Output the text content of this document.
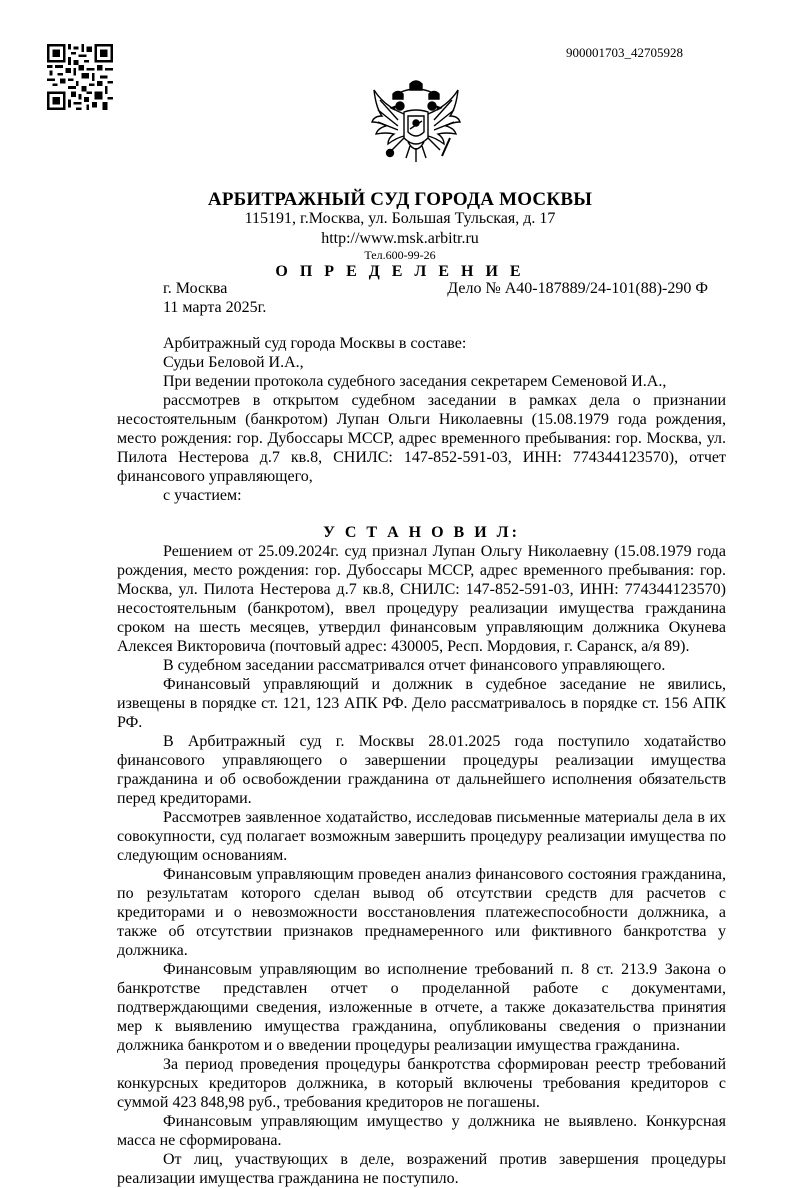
900001703_42705928
АРБИТРАЖНЫЙ СУД ГОРОДА МОСКВЫ
115191, г.Москва, ул. Большая Тульская, д. 17
http://www.msk.arbitr.ru
Тел.600-99-26
О П Р Е Д Е Л Е Н И Е
г. Москва	Дело № А40-187889/24-101(88)-290 Ф
11 марта 2025г.

Арбитражный суд города Москвы в составе:

Судьи Беловой И.А.,

При ведении протокола судебного заседания секретарем Семеновой И.А.,

рассмотрев в открытом судебном заседании в рамках дела о признании несостоятельным (банкротом) Лупан Ольги Николаевны (15.08.1979 года рождения, место рождения: гор. Дубоссары МССР, адрес временного пребывания: гор. Москва, ул. Пилота Нестерова д.7 кв.8, СНИЛС: 147-852-591-03, ИНН: 774344123570), отчет финансового управляющего,

с участием:

У С Т А Н О В И Л:

Решением от 25.09.2024г. суд признал Лупан Ольгу Николаевну (15.08.1979 года рождения, место рождения: гор. Дубоссары МССР, адрес временного пребывания: гор. Москва, ул. Пилота Нестерова д.7 кв.8, СНИЛС: 147-852-591-03, ИНН: 774344123570) несостоятельным (банкротом), ввел процедуру реализации имущества гражданина сроком на шесть месяцев, утвердил финансовым управляющим должника Окунева Алексея Викторовича (почтовый адрес: 430005, Респ. Мордовия, г. Саранск, а/я 89).

В судебном заседании рассматривался отчет финансового управляющего.

Финансовый управляющий и должник в судебное заседание не явились, извещены в порядке ст. 121, 123 АПК РФ. Дело рассматривалось в порядке ст. 156 АПК РФ.

В Арбитражный суд г. Москвы 28.01.2025 года поступило ходатайство финансового управляющего о завершении процедуры реализации имущества гражданина и об освобождении гражданина от дальнейшего исполнения обязательств перед кредиторами.

Рассмотрев заявленное ходатайство, исследовав письменные материалы дела в их совокупности, суд полагает возможным завершить процедуру реализации имущества по следующим основаниям.

Финансовым управляющим проведен анализ финансового состояния гражданина, по результатам которого сделан вывод об отсутствии средств для расчетов с кредиторами и о невозможности восстановления платежеспособности должника, а также об отсутствии признаков преднамеренного или фиктивного банкротства у должника.

Финансовым управляющим во исполнение требований п. 8 ст. 213.9 Закона о банкротстве представлен отчет о проделанной работе с документами, подтверждающими сведения, изложенные в отчете, а также доказательства принятия мер к выявлению имущества гражданина, опубликованы сведения о признании должника банкротом и о введении процедуры реализации имущества гражданина.

За период проведения процедуры банкротства сформирован реестр требований конкурсных кредиторов должника, в который включены требования кредиторов с суммой 423 848,98 руб., требования кредиторов не погашены.

Финансовым управляющим имущество у должника не выявлено. Конкурсная масса не сформирована.

От лиц, участвующих в деле, возражений против завершения процедуры реализации имущества гражданина не поступило.
